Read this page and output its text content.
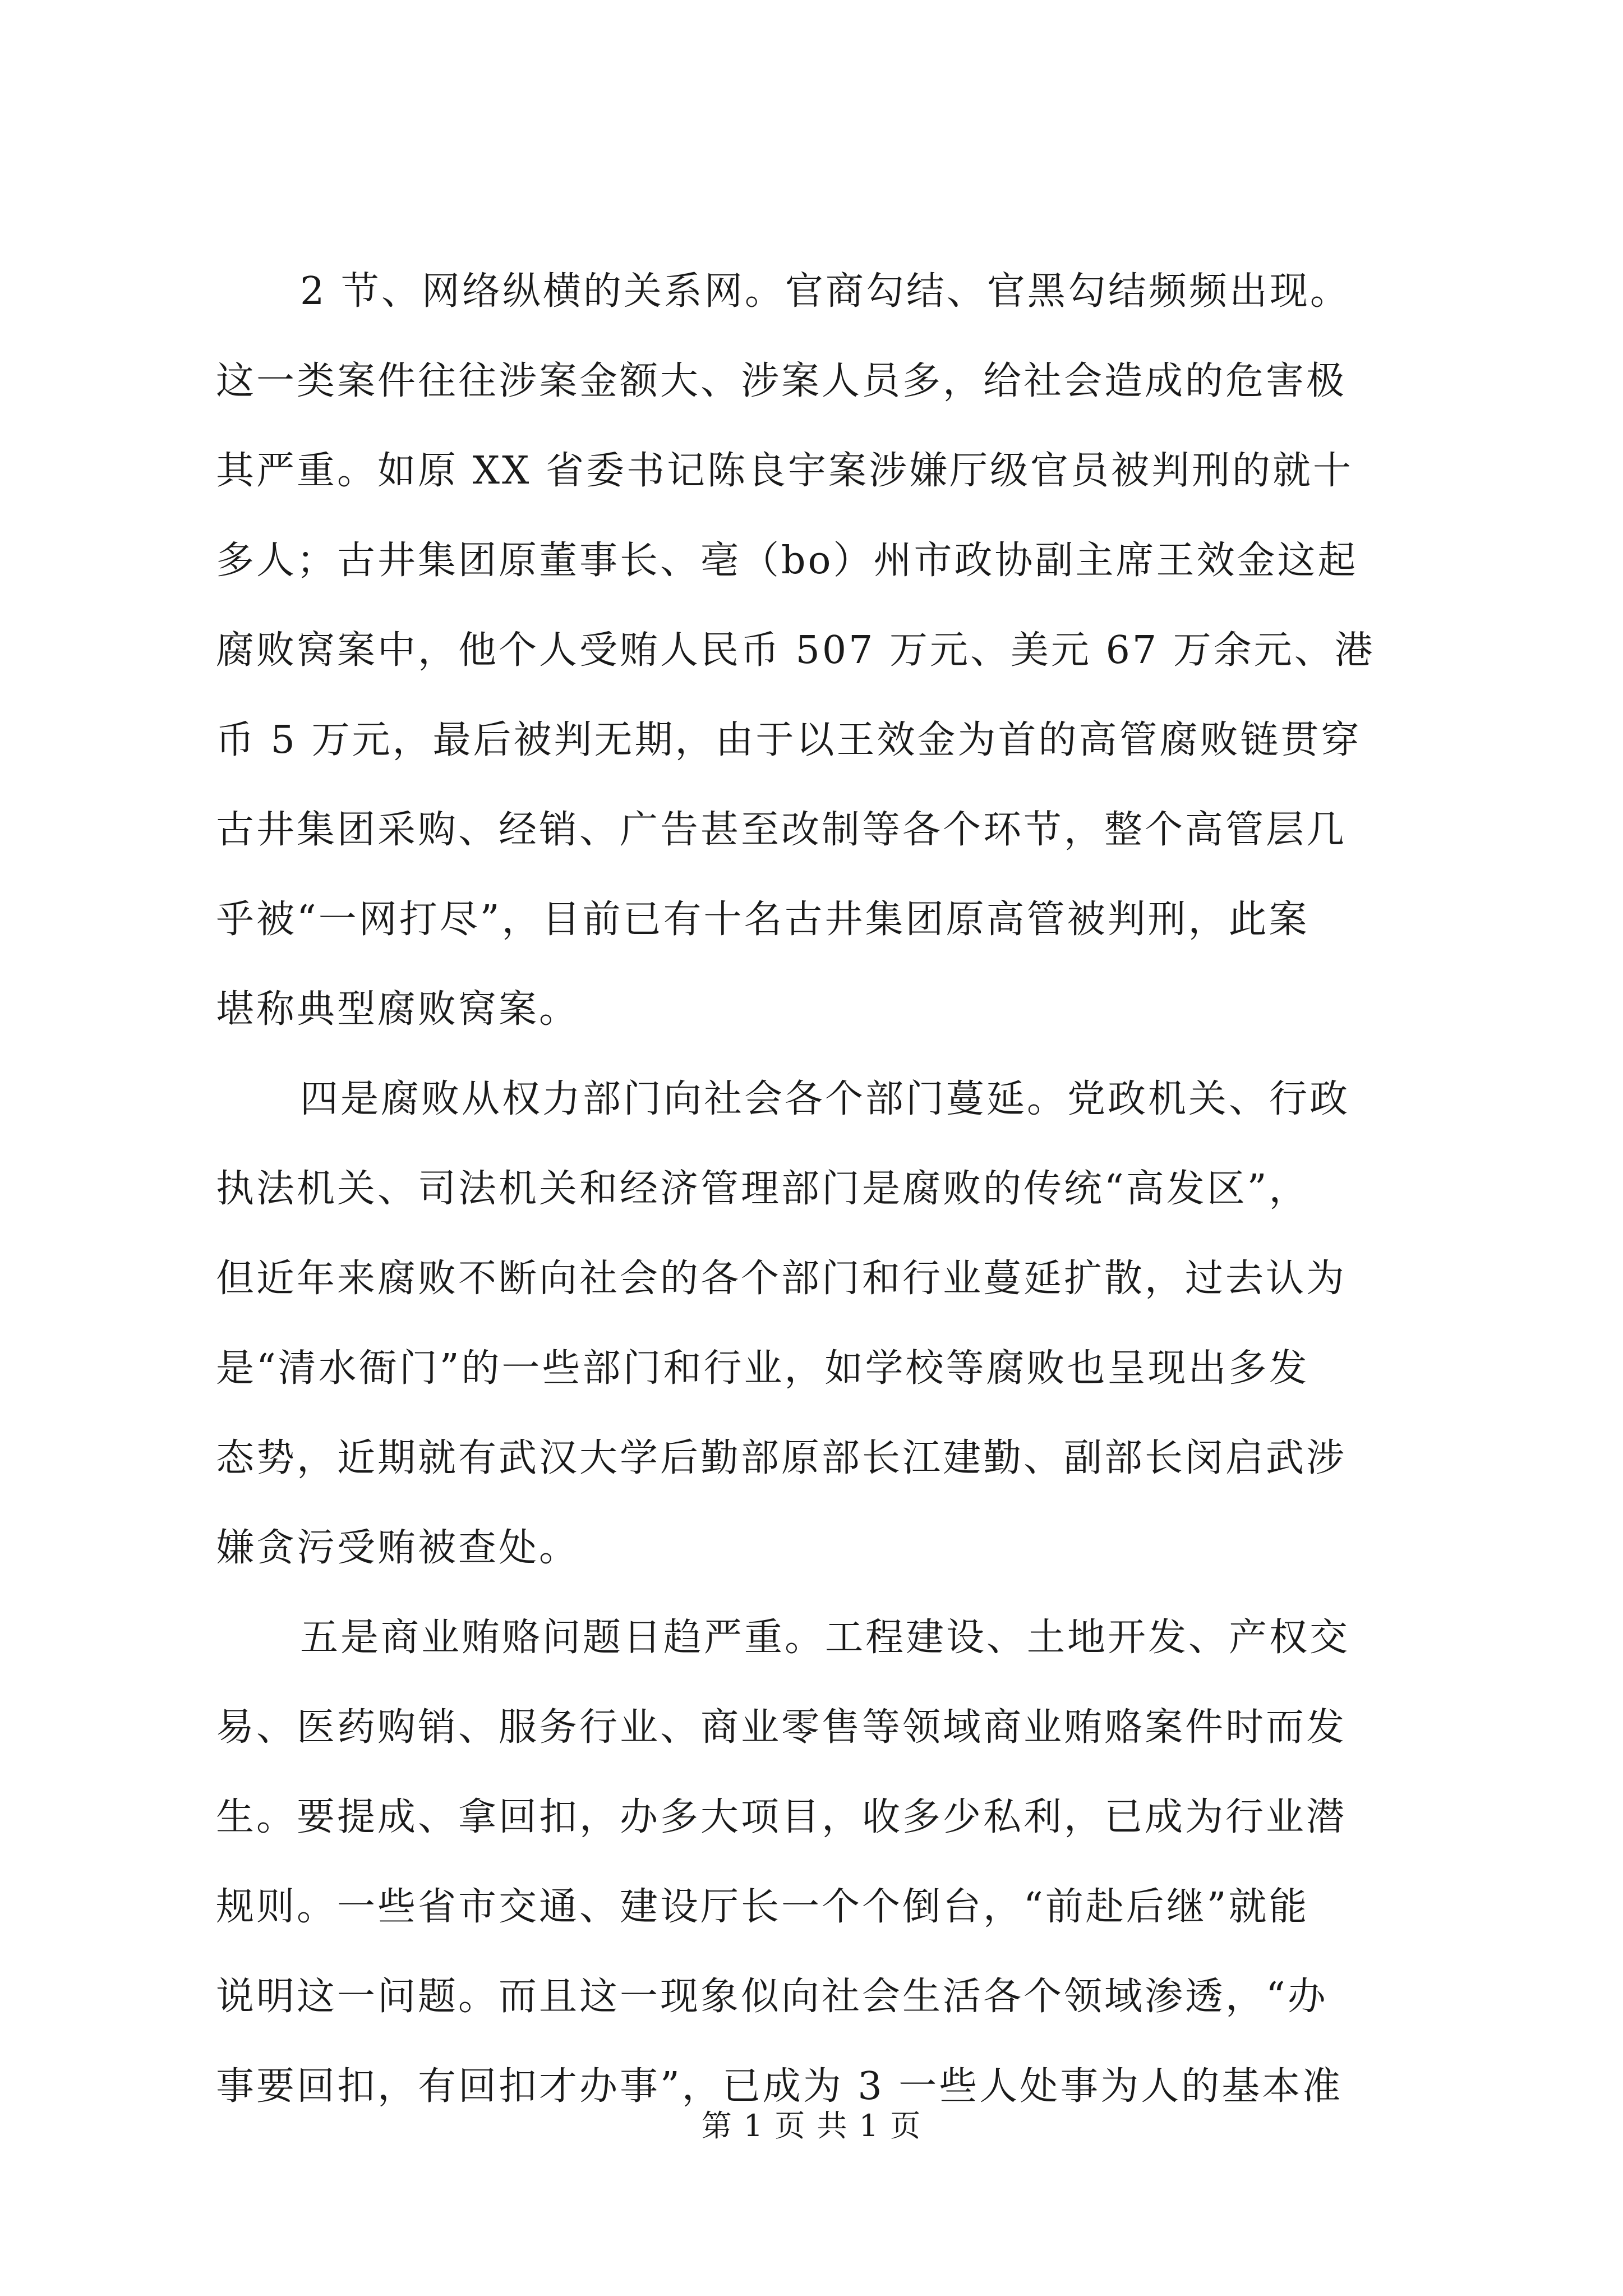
2 节、网络纵横的关系网。官商勾结、官黑勾结频频出现。
这一类案件往往涉案金额大、涉案人员多，给社会造成的危害极
其严重。如原 XX 省委书记陈良宇案涉嫌厅级官员被判刑的就十
多人；古井集团原董事长、亳（bo）州市政协副主席王效金这起
腐败窝案中，他个人受贿人民币 507 万元、美元 67 万余元、港
币 5 万元，最后被判无期，由于以王效金为首的高管腐败链贯穿
古井集团采购、经销、广告甚至改制等各个环节，整个高管层几
乎被“一网打尽”，目前已有十名古井集团原高管被判刑，此案
堪称典型腐败窝案。
四是腐败从权力部门向社会各个部门蔓延。党政机关、行政
执法机关、司法机关和经济管理部门是腐败的传统“高发区”，
但近年来腐败不断向社会的各个部门和行业蔓延扩散，过去认为
是“清水衙门”的一些部门和行业，如学校等腐败也呈现出多发
态势，近期就有武汉大学后勤部原部长江建勤、副部长闵启武涉
嫌贪污受贿被查处。
五是商业贿赂问题日趋严重。工程建设、土地开发、产权交
易、医药购销、服务行业、商业零售等领域商业贿赂案件时而发
生。要提成、拿回扣，办多大项目，收多少私利，已成为行业潜
规则。一些省市交通、建设厅长一个个倒台，“前赴后继”就能
说明这一问题。而且这一现象似向社会生活各个领域渗透，“办
事要回扣，有回扣才办事”，已成为 3 一些人处事为人的基本准
第 1 页 共 1 页
